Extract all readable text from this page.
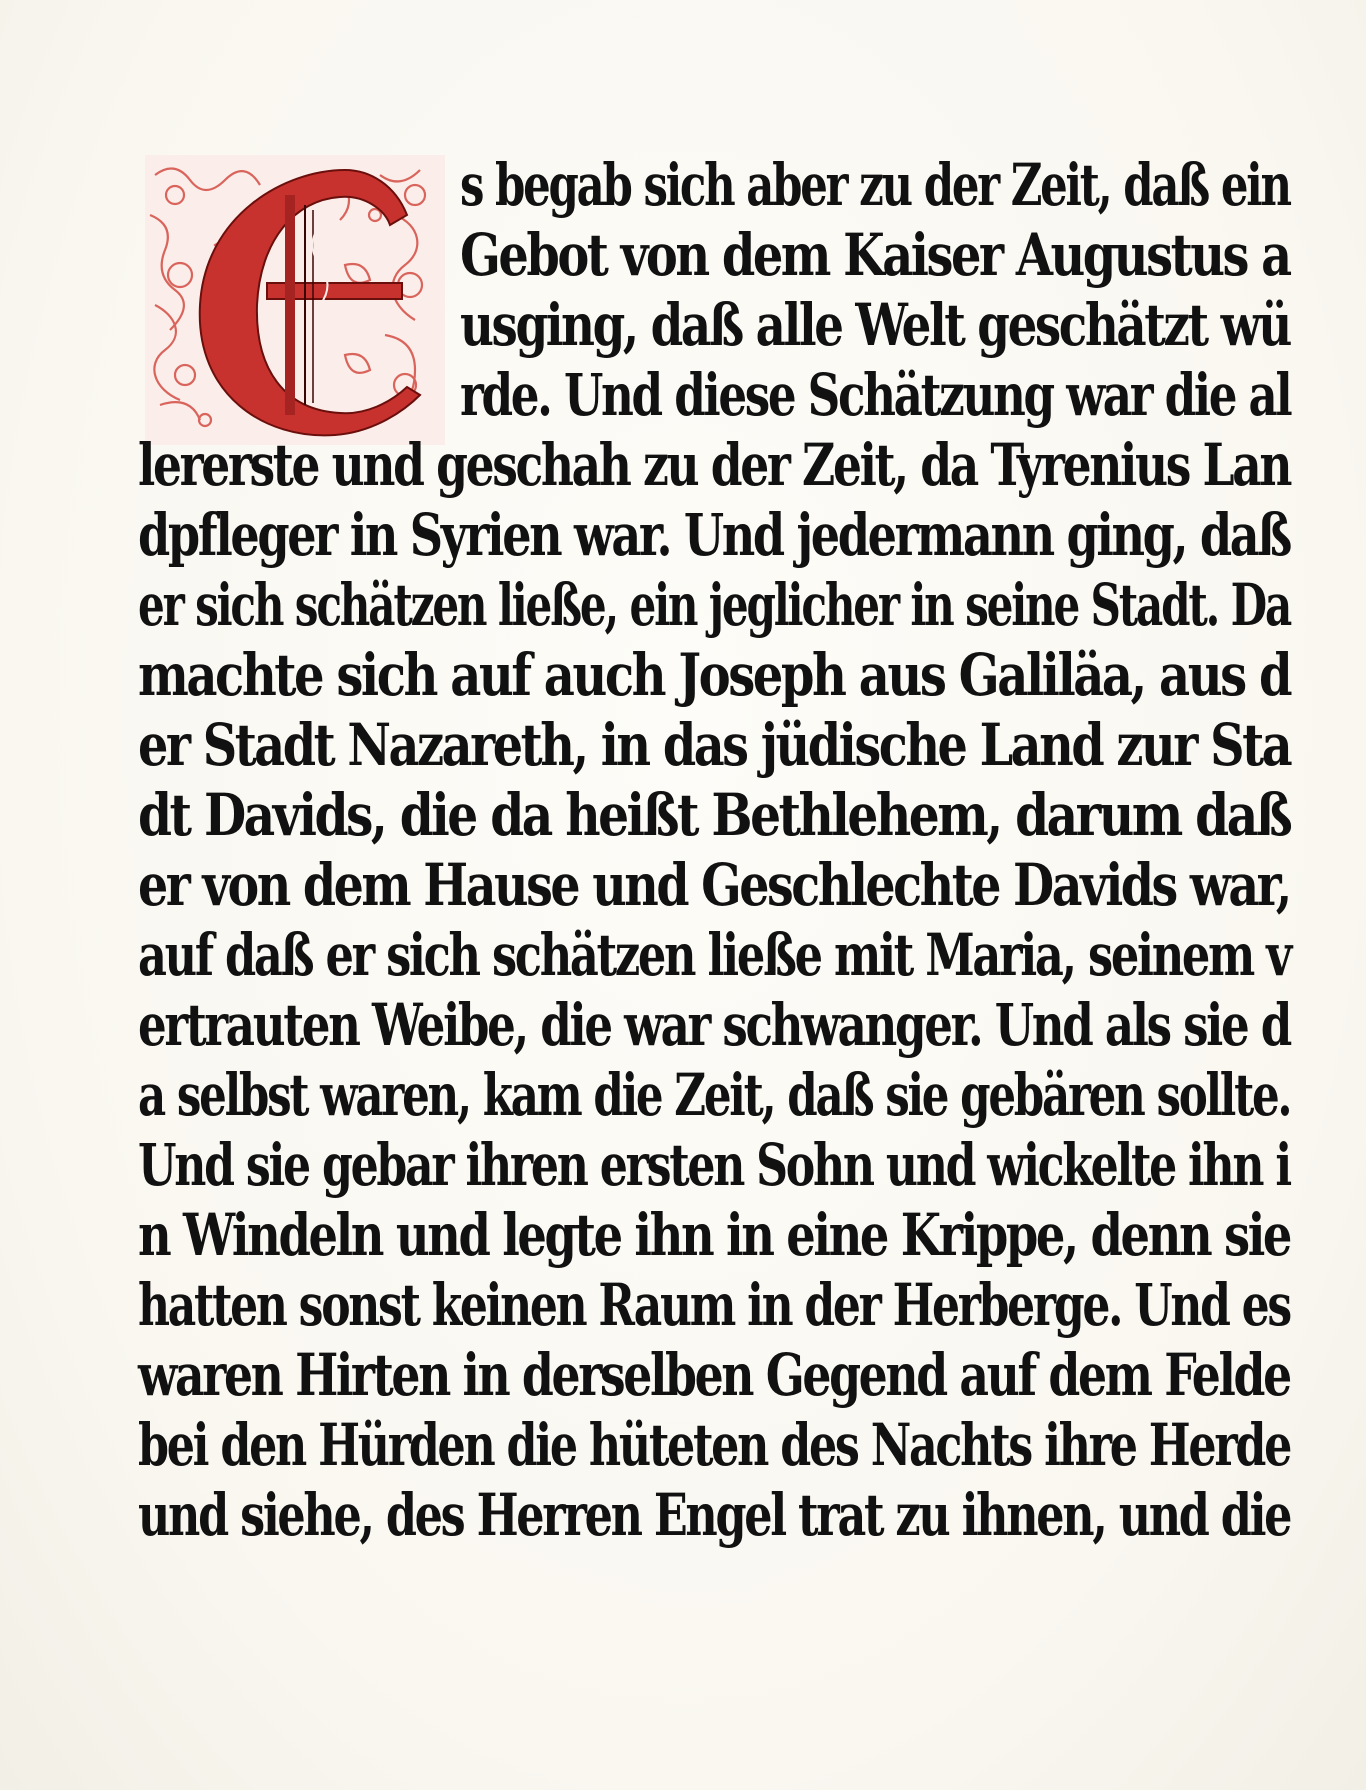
s begab sich aber zu der Zeit, daß ein
Gebot von dem Kaiser Augustus a
usging, daß alle Welt geschätzt wü
rde. Und diese Schätzung war die al
lererste und geschah zu der Zeit, da Tyrenius Lan
dpfleger in Syrien war. Und jedermann ging, daß
er sich schätzen ließe, ein jeglicher in seine Stadt. Da
machte sich auf auch Joseph aus Galiläa, aus d
er Stadt Nazareth, in das jüdische Land zur Sta
dt Davids, die da heißt Bethlehem, darum daß
er von dem Hause und Geschlechte Davids war,
auf daß er sich schätzen ließe mit Maria, seinem v
ertrauten Weibe, die war schwanger. Und als sie d
a selbst waren, kam die Zeit, daß sie gebären sollte.
Und sie gebar ihren ersten Sohn und wickelte ihn i
n Windeln und legte ihn in eine Krippe, denn sie
hatten sonst keinen Raum in der Herberge. Und es
waren Hirten in derselben Gegend auf dem Felde
bei den Hürden die hüteten des Nachts ihre Herde
und siehe, des Herren Engel trat zu ihnen, und die
